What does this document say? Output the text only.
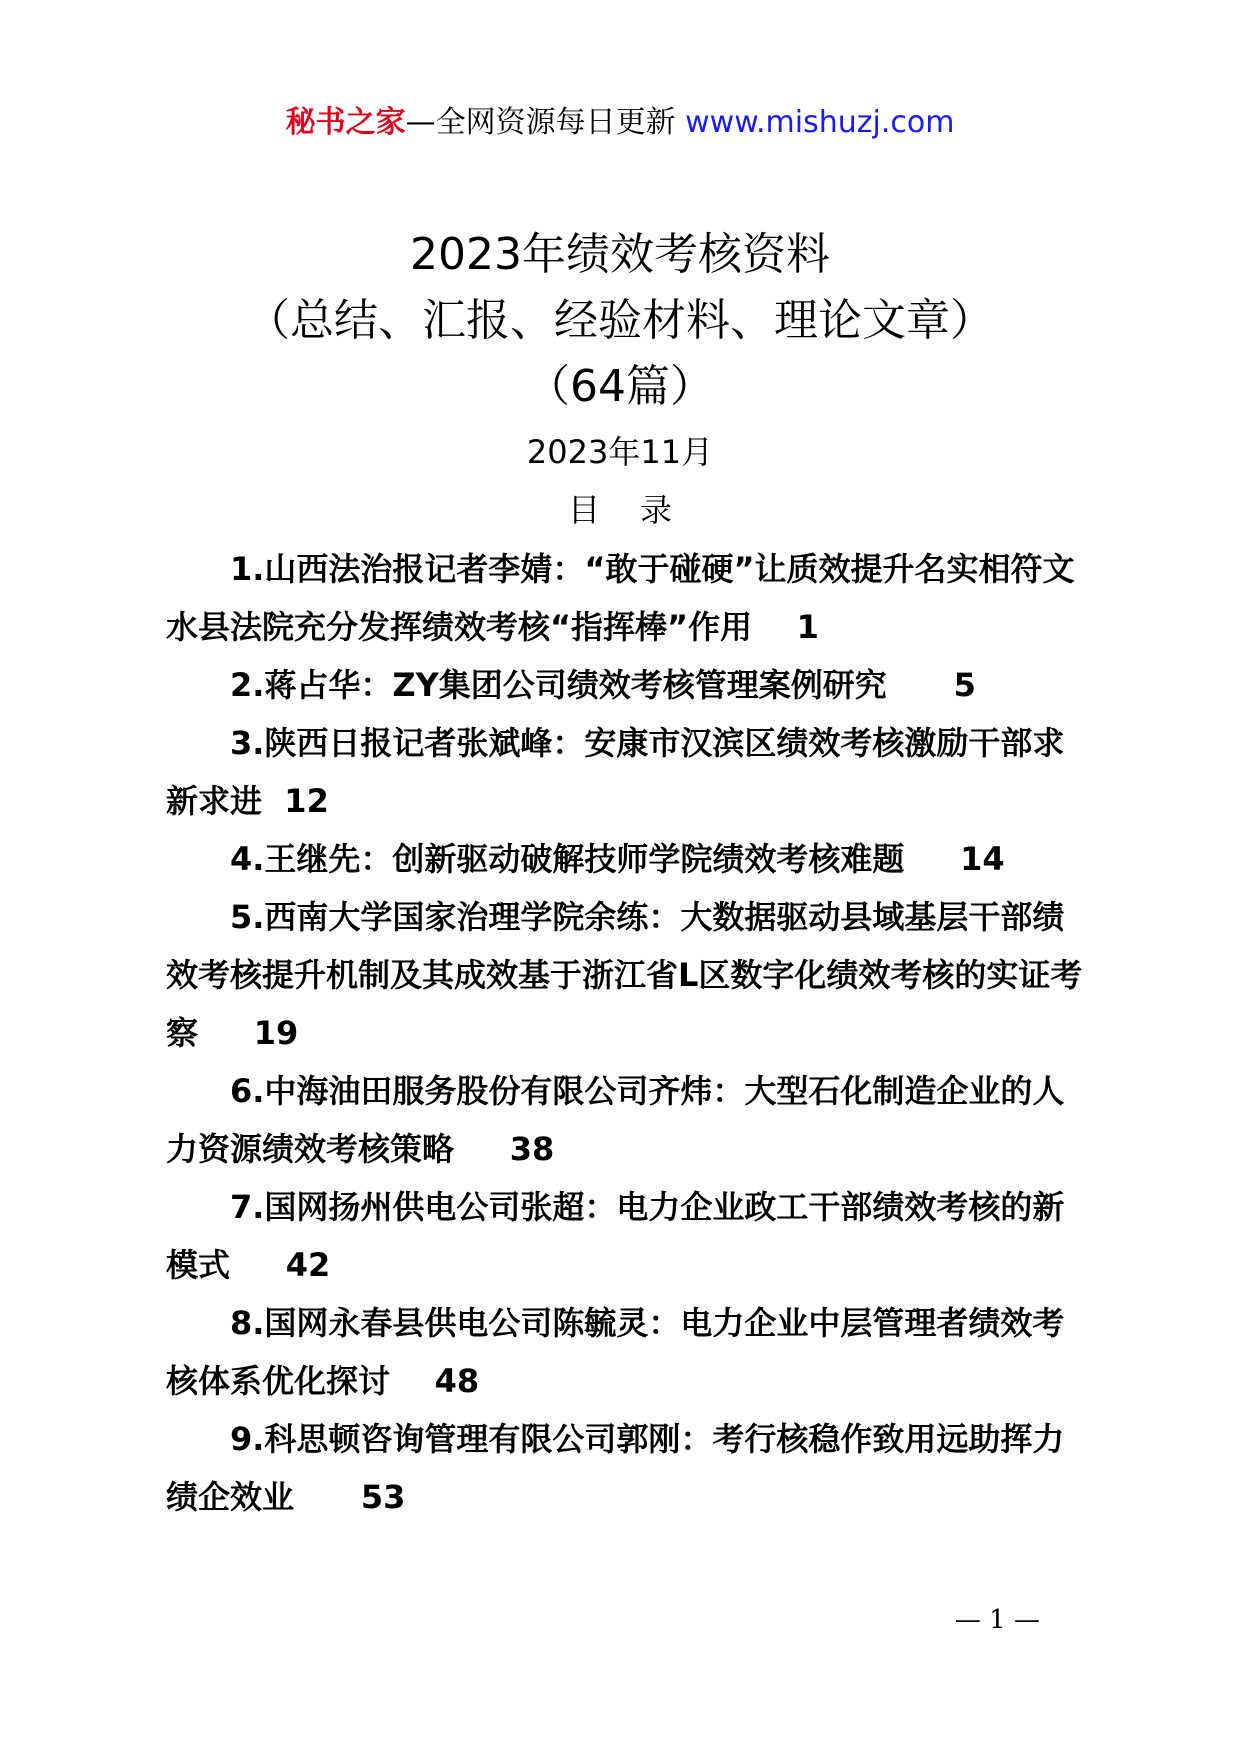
秘书之家—全网资源每日更新 www.mishuzj.com
2023年绩效考核资料
（总结、汇报、经验材料、理论文章）
（64篇）
2023年11月
目录

1.山西法治报记者李婧：“敢于碰硬”让质效提升名实相符文水县法院充分发挥绩效考核“指挥棒”作用    1

2.蒋占华：ZY集团公司绩效考核管理案例研究      5

3.陕西日报记者张斌峰：安康市汉滨区绩效考核激励干部求新求进  12

4.王继先：创新驱动破解技师学院绩效考核难题     14

5.西南大学国家治理学院余练：大数据驱动县域基层干部绩效考核提升机制及其成效基于浙江省L区数字化绩效考核的实证考察     19

6.中海油田服务股份有限公司齐炜：大型石化制造企业的人力资源绩效考核策略     38

7.国网扬州供电公司张超：电力企业政工干部绩效考核的新模式     42

8.国网永春县供电公司陈毓灵：电力企业中层管理者绩效考核体系优化探讨    48

9.科思顿咨询管理有限公司郭刚：考行核稳作致用远助挥力绩企效业      53

— 1 —
